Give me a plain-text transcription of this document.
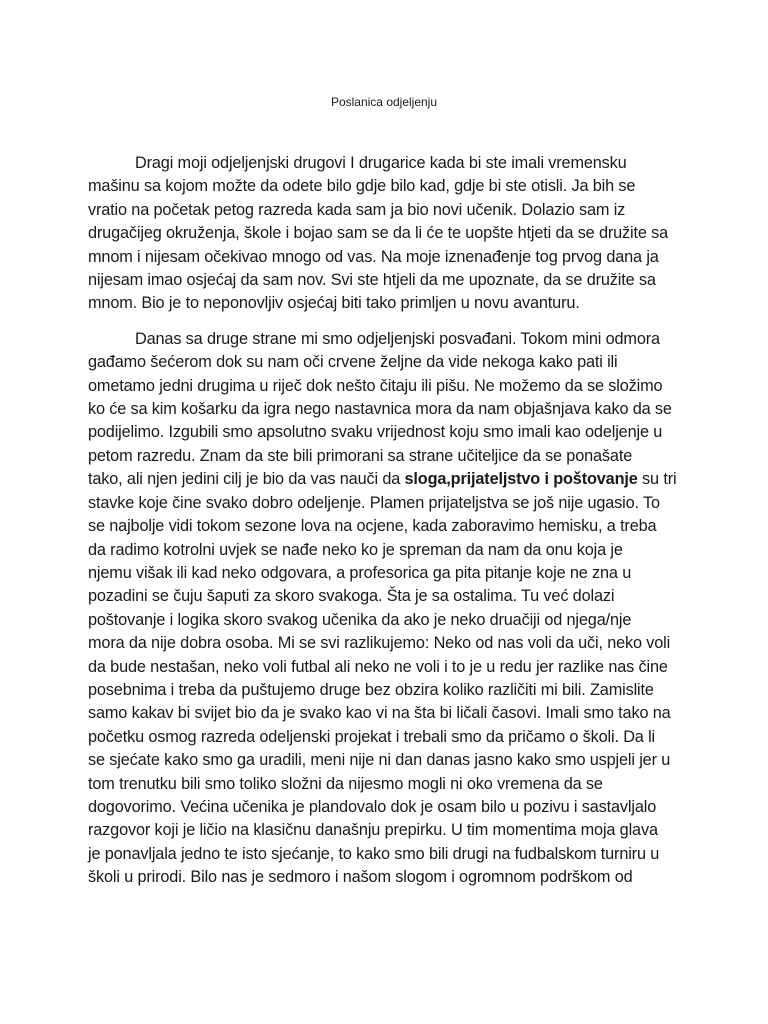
Poslanica odjeljenju
Dragi moji odjeljenjski drugovi I drugarice kada bi ste imali vremensku
mašinu sa kojom možte da odete bilo gdje bilo kad, gdje bi ste otisli. Ja bih se
vratio na početak petog razreda kada sam ja bio novi učenik. Dolazio sam iz
drugačijeg okruženja, škole i bojao sam se da li će te uopšte htjeti da se družite sa
mnom i nijesam očekivao mnogo od vas. Na moje iznenađenje tog prvog dana ja
nijesam imao osjećaj da sam nov. Svi ste htjeli da me upoznate, da se družite sa
mnom. Bio je to neponovljiv osjećaj biti tako primljen u novu avanturu.
Danas sa druge strane mi smo odjeljenjski posvađani. Tokom mini odmora
gađamo šećerom dok su nam oči crvene željne da vide nekoga kako pati ili
ometamo jedni drugima u riječ dok nešto čitaju ili pišu. Ne možemo da se složimo
ko će sa kim košarku da igra nego nastavnica mora da nam objašnjava kako da se
podijelimo. Izgubili smo apsolutno svaku vrijednost koju smo imali kao odeljenje u
petom razredu. Znam da ste bili primorani sa strane učiteljice da se ponašate
tako, ali njen jedini cilj je bio da vas nauči da sloga,prijateljstvo i poštovanje su tri
stavke koje čine svako dobro odeljenje. Plamen prijateljstva se još nije ugasio. To
se najbolje vidi tokom sezone lova na ocjene, kada zaboravimo hemisku, a treba
da radimo kotrolni uvjek se nađe neko ko je spreman da nam da onu koja je
njemu višak ili kad neko odgovara, a profesorica ga pita pitanje koje ne zna u
pozadini se čuju šaputi za skoro svakoga. Šta je sa ostalima. Tu već dolazi
poštovanje i logika skoro svakog učenika da ako je neko druačiji od njega/nje
mora da nije dobra osoba. Mi se svi razlikujemo: Neko od nas voli da uči, neko voli
da bude nestašan, neko voli futbal ali neko ne voli i to je u redu jer razlike nas čine
posebnima i treba da puštujemo druge bez obzira koliko različiti mi bili. Zamislite
samo kakav bi svijet bio da je svako kao vi na šta bi ličali časovi. Imali smo tako na
početku osmog razreda odeljenski projekat i trebali smo da pričamo o školi. Da li
se sjećate kako smo ga uradili, meni nije ni dan danas jasno kako smo uspjeli jer u
tom trenutku bili smo toliko složni da nijesmo mogli ni oko vremena da se
dogovorimo. Većina učenika je plandovalo dok je osam bilo u pozivu i sastavljalo
razgovor koji je ličio na klasičnu današnju prepirku. U tim momentima moja glava
je ponavljala jedno te isto sjećanje, to kako smo bili drugi na fudbalskom turniru u
školi u prirodi. Bilo nas je sedmoro i našom slogom i ogromnom podrškom od
